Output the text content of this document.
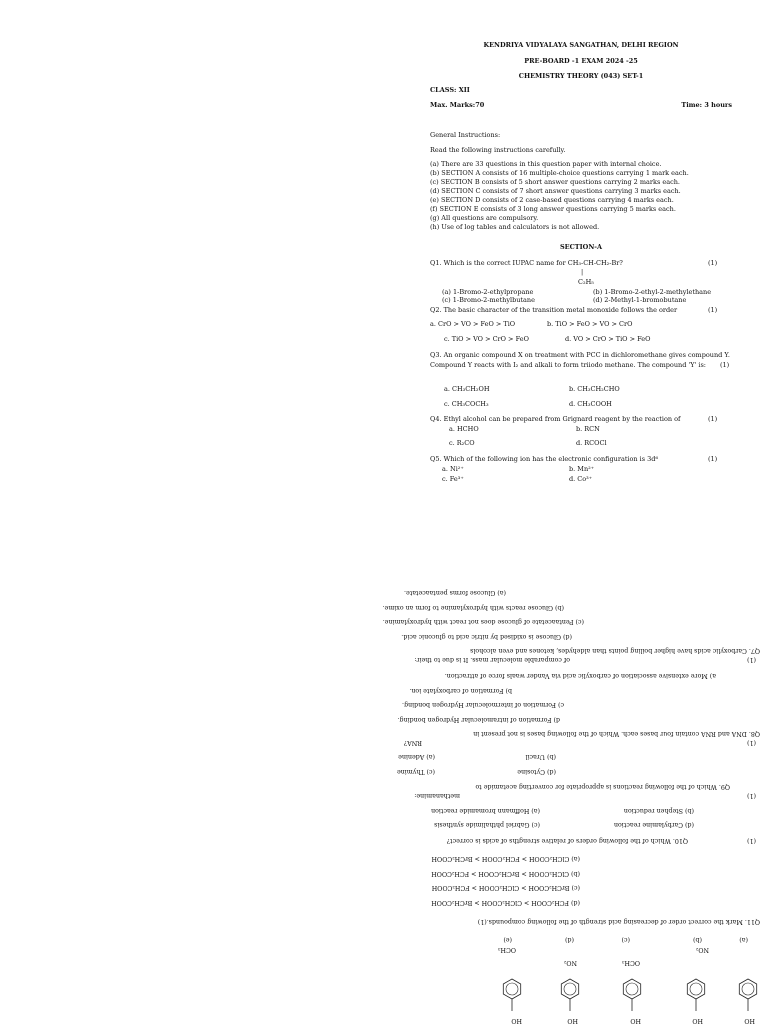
KENDRIYA VIDYALAYA SANGATHAN, DELHI REGION
PRE-BOARD -1 EXAM 2024 -25
CHEMISTRY THEORY (043) SET-1
CLASS: XII
Max. Marks:70	Time: 3 hours
General Instructions:
Read the following instructions carefully.
(a) There are 33 questions in this question paper with internal choice.
(b) SECTION A consists of 16 multiple-choice questions carrying 1 mark each.
(c) SECTION B consists of 5 short answer questions carrying 2 marks each.
(d) SECTION C consists of 7 short answer questions carrying 3 marks each.
(e) SECTION D consists of 2 case-based questions carrying 4 marks each.
(f) SECTION E consists of 3 long answer questions carrying 5 marks each.
(g) All questions are compulsory.
(h) Use of log tables and calculators is not allowed.
SECTION-A
Q1. Which is the correct IUPAC name for CH₃-CH-CH₂-Br?	(1)
|
C₂H₅
(a) 1-Bromo-2-ethylpropane	(b) 1-Bromo-2-ethyl-2-methylethane
(c) 1-Bromo-2-methylbutane	(d) 2-Methyl-1-bromobutane
Q2. The basic character of the transition metal monoxide follows the order	(1)
a. CrO > VO > FeO > TiO	b. TiO > FeO > VO > CrO
c. TiO > VO > CrO > FeO	d. VO > CrO > TiO > FeO
Q3. An organic compound X on treatment with PCC in dichloromethane gives compound Y.
Compound Y reacts with I₂ and alkali to form triiodo methane. The compound 'Y' is: (1)
a. CH₃CH₂OH	b. CH₃CH₂CHO
c. CH₃COCH₃	d. CH₃COOH
Q4. Ethyl alcohol can be prepared from Grignard reagent by the reaction of	(1)
a. HCHO	b. RCN
c. R₂CO	d. RCOCl
Q5. Which of the following ion has the electronic configuration is 3d⁶	(1)
a. Ni²⁺	b. Mn²⁺
c. Fe³⁺	d. Co³⁺
(a)
(b)
(c)
(d)
(e)
HO
HO
HO
HO
HO
NO₂
OCH₃
NO₂
OCH₃
Q11. Mark the correct order of decreasing acid strength of the following compounds.(1)
(d) FCH₂COOH > ClCH₂COOH > BrCH₂COOH
(c) BrCH₂COOH > ClCH₂COOH > FCH₂COOH
(b) ClCH₂COOH > BrCH₂COOH > FCH₂COOH
(a) ClCH₂COOH > FCH₂COOH > BrCH₂COOH
Q10. Which of the following orders of relative strengths of acids is correct?	(1)
(c) Gabriel phthalimide synthesis	(d) Carbylamine reaction
(a) Hoffmann bromamide reaction	(b) Stephen reduction
methanamine:
Q9. Which of the following reactions is appropriate for converting acetamide to
(1)
(c) Thymine	(d) Cytosine
(a) Adenine	(b) Uracil
RNA?
Q8. DNA and RNA contain four bases each. Which of the following bases is not present in
(1)
d) Formation of intramolecular Hydrogen bonding.
c) Formation of intermolecular Hydrogen bonding.
b) Formation of carboxylate ion.
a) More extensive association of carboxylic acid via Vander waals force of attraction.
of comparable molecular mass. It is due to their:
Q7. Carboxylic acids have higher boiling points than aldehydes, ketones and even alcohols
(1)
(d) Glucose is oxidised by nitric acid to gluconic acid.
(c) Pentaacetate of glucose does not react with hydroxylamine.
(b) Glucose reacts with hydroxylamine to form an oxime.
(a) Glucose forms pentaacetate.
